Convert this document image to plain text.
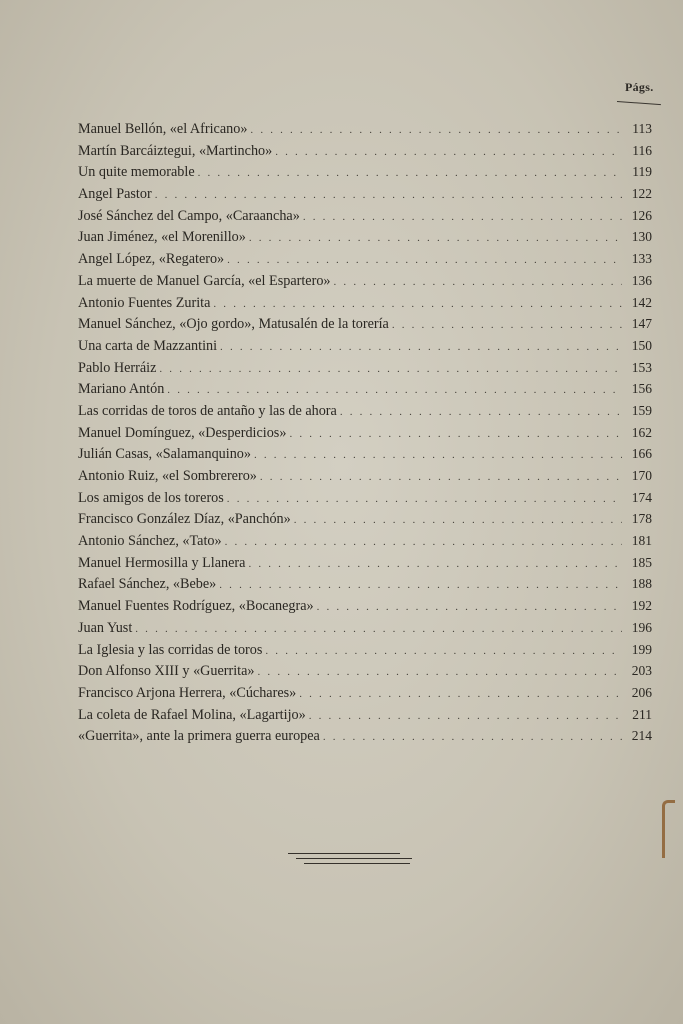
Págs.
Manuel Bellón, «el Africano» . . .	113
Martín Barcáiztegui, «Martincho» . . .	116
Un quite memorable . . .	119
Angel Pastor . . .	122
José Sánchez del Campo, «Caraancha» . . .	126
Juan Jiménez, «el Morenillo» . . .	130
Angel López, «Regatero» . . .	133
La muerte de Manuel García, «el Espartero» . . .	136
Antonio Fuentes Zurita . . .	142
Manuel Sánchez, «Ojo gordo», Matusalén de la torería . . .	147
Una carta de Mazzantini . . .	150
Pablo Herráiz . . .	153
Mariano Antón . . .	156
Las corridas de toros de antaño y las de ahora . . .	159
Manuel Domínguez, «Desperdicios» . . .	162
Julián Casas, «Salamanquino» . . .	166
Antonio Ruiz, «el Sombrerero» . . .	170
Los amigos de los toreros . . .	174
Francisco González Díaz, «Panchón» . . .	178
Antonio Sánchez, «Tato» . . .	181
Manuel Hermosilla y Llanera . . .	185
Rafael Sánchez, «Bebe» . . .	188
Manuel Fuentes Rodríguez, «Bocanegra» . . .	192
Juan Yust . . .	196
La Iglesia y las corridas de toros . . .	199
Don Alfonso XIII y «Guerrita» . . .	203
Francisco Arjona Herrera, «Cúchares» . . .	206
La coleta de Rafael Molina, «Lagartijo» . . .	211
«Guerrita», ante la primera guerra europea . . .	214
